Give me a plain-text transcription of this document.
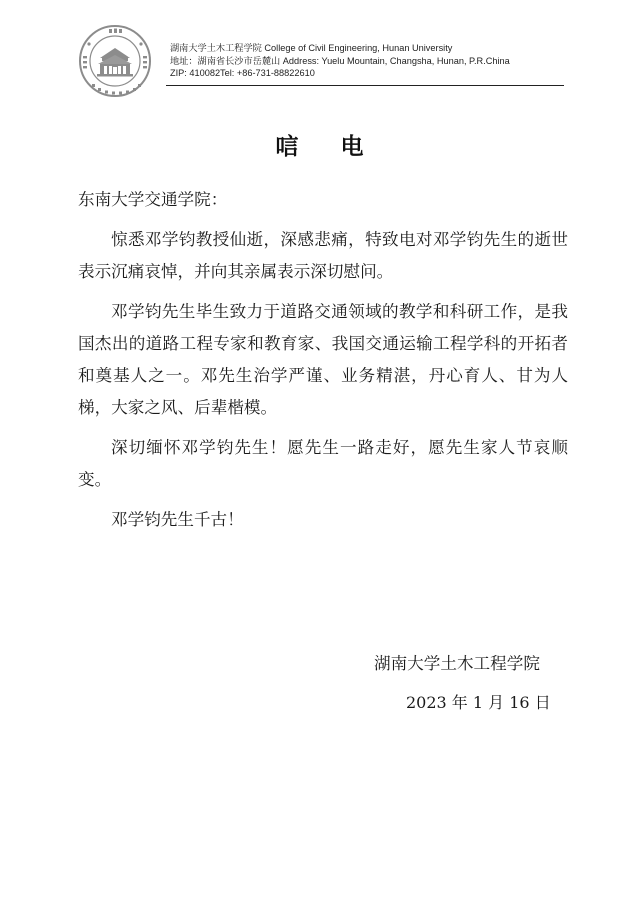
湖南大学土木工程学院 College of Civil Engineering, Hunan University
地址：湖南省长沙市岳麓山 Address: Yuelu Mountain, Changsha, Hunan, P.R.China
ZIP: 410082Tel: +86-731-88822610
唁电

东南大学交通学院：

惊悉邓学钧教授仙逝，深感悲痛，特致电对邓学钧先生的逝世表示沉痛哀悼，并向其亲属表示深切慰问。

邓学钧先生毕生致力于道路交通领域的教学和科研工作，是我国杰出的道路工程专家和教育家、我国交通运输工程学科的开拓者和奠基人之一。邓先生治学严谨、业务精湛，丹心育人、甘为人梯，大家之风、后辈楷模。

深切缅怀邓学钧先生！愿先生一路走好，愿先生家人节哀顺变。

邓学钧先生千古！

湖南大学土木工程学院
2023 年 1 月 16 日
